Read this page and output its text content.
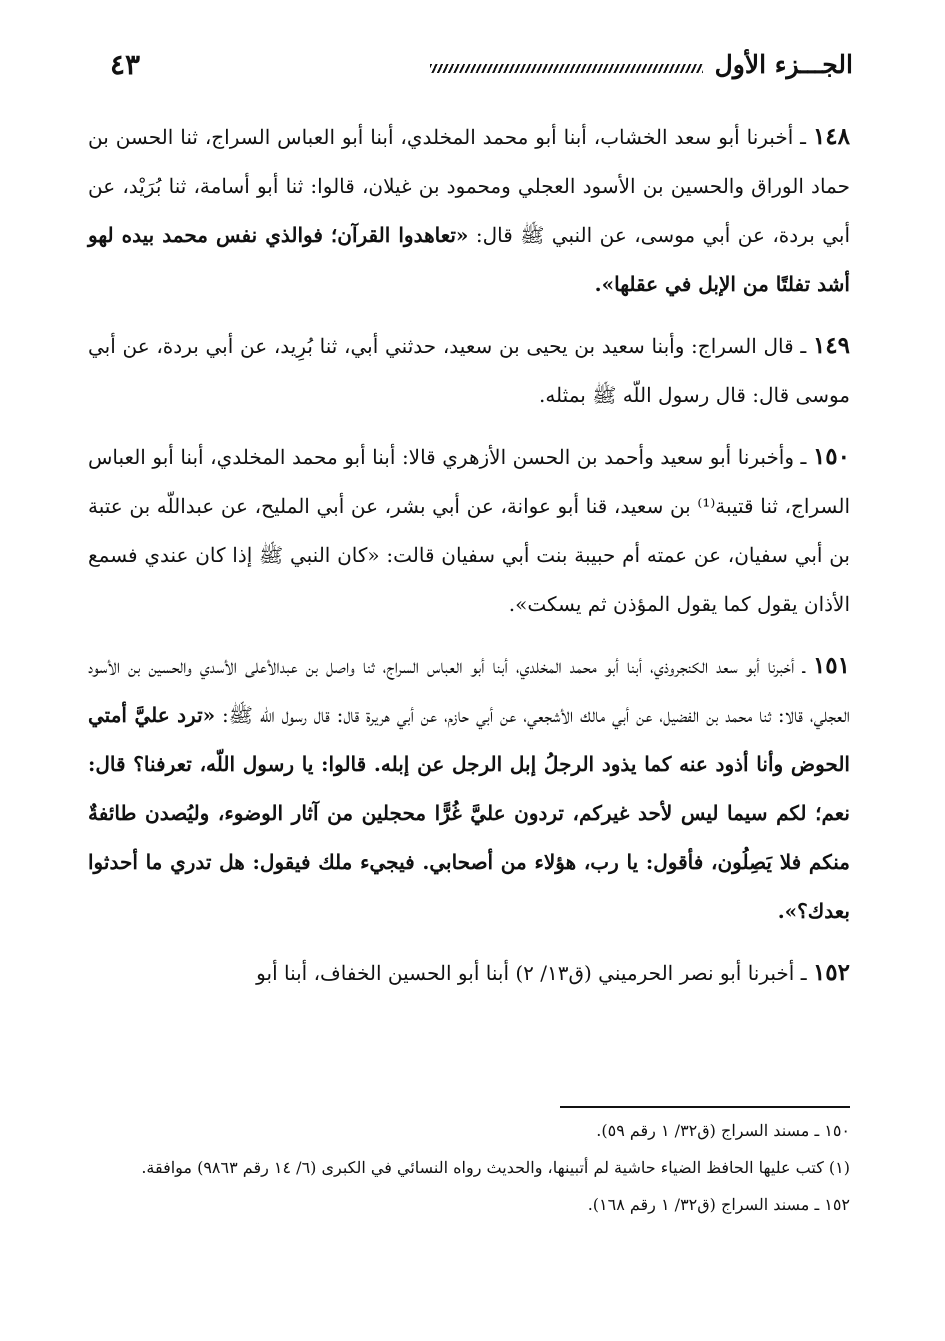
الجـــزء الأول
٤٣

١٤٨ ـ أخبرنا أبو سعد الخشاب، أبنا أبو محمد المخلدي، أبنا أبو العباس السراج، ثنا الحسن بن حماد الوراق والحسين بن الأسود العجلي ومحمود بن غيلان، قالوا: ثنا أبو أسامة، ثنا بُرَيْد، عن أبي بردة، عن أبي موسى، عن النبي ﷺ قال: «تعاهدوا القرآن؛ فوالذي نفس محمد بيده لهو أشد تفلتًا من الإبل في عقلها».

١٤٩ ـ قال السراج: وأبنا سعيد بن يحيى بن سعيد، حدثني أبي، ثنا بُرِيد، عن أبي بردة، عن أبي موسى قال: قال رسول اللّه ﷺ بمثله.

١٥٠ ـ وأخبرنا أبو سعيد وأحمد بن الحسن الأزهري قالا: أبنا أبو محمد المخلدي، أبنا أبو العباس السراج، ثنا قتيبة⁽¹⁾ بن سعيد، قنا أبو عوانة، عن أبي بشر، عن أبي المليح، عن عبداللّه بن عتبة بن أبي سفيان، عن عمته أم حبيبة بنت أبي سفيان قالت: «كان النبي ﷺ إذا كان عندي فسمع الأذان يقول كما يقول المؤذن ثم يسكت».

١٥١ ـ أخبرنا أبو سعد الكنجروذي، أبنا أبو محمد المخلدي، أبنا أبو العباس السراج، ثنا واصل بن عبدالأعلى الأسدي والحسين بن الأسود العجلي، قالا: ثنا محمد بن الفضيل، عن أبي مالك الأشجعي، عن أبي حازم، عن أبي هريرة قال: قال رسول اللّه ﷺ: «ترد عليَّ أمتي الحوض وأنا أذود عنه كما يذود الرجلُ إبل الرجل عن إبله. قالوا: يا رسول اللّه، تعرفنا؟ قال: نعم؛ لكم سيما ليس لأحد غيركم، تردون عليَّ غُرًّا محجلين من آثار الوضوء، وليُصدن طائفةٌ منكم فلا يَصِلُون، فأقول: يا رب، هؤلاء من أصحابي. فيجيء ملك فيقول: هل تدري ما أحدثوا بعدك؟».

١٥٢ ـ أخبرنا أبو نصر الحرميني (ق١٣/ ٢) أبنا أبو الحسين الخفاف، أبنا أبو

١٥٠ ـ مسند السراج (ق٣٢/ ١ رقم ٥٩).

(١) كتب عليها الحافظ الضياء حاشية لم أتبينها، والحديث رواه النسائي في الكبرى (٦/ ١٤ رقم ٩٨٦٣) موافقة.

١٥٢ ـ مسند السراج (ق٣٢/ ١ رقم ١٦٨).
